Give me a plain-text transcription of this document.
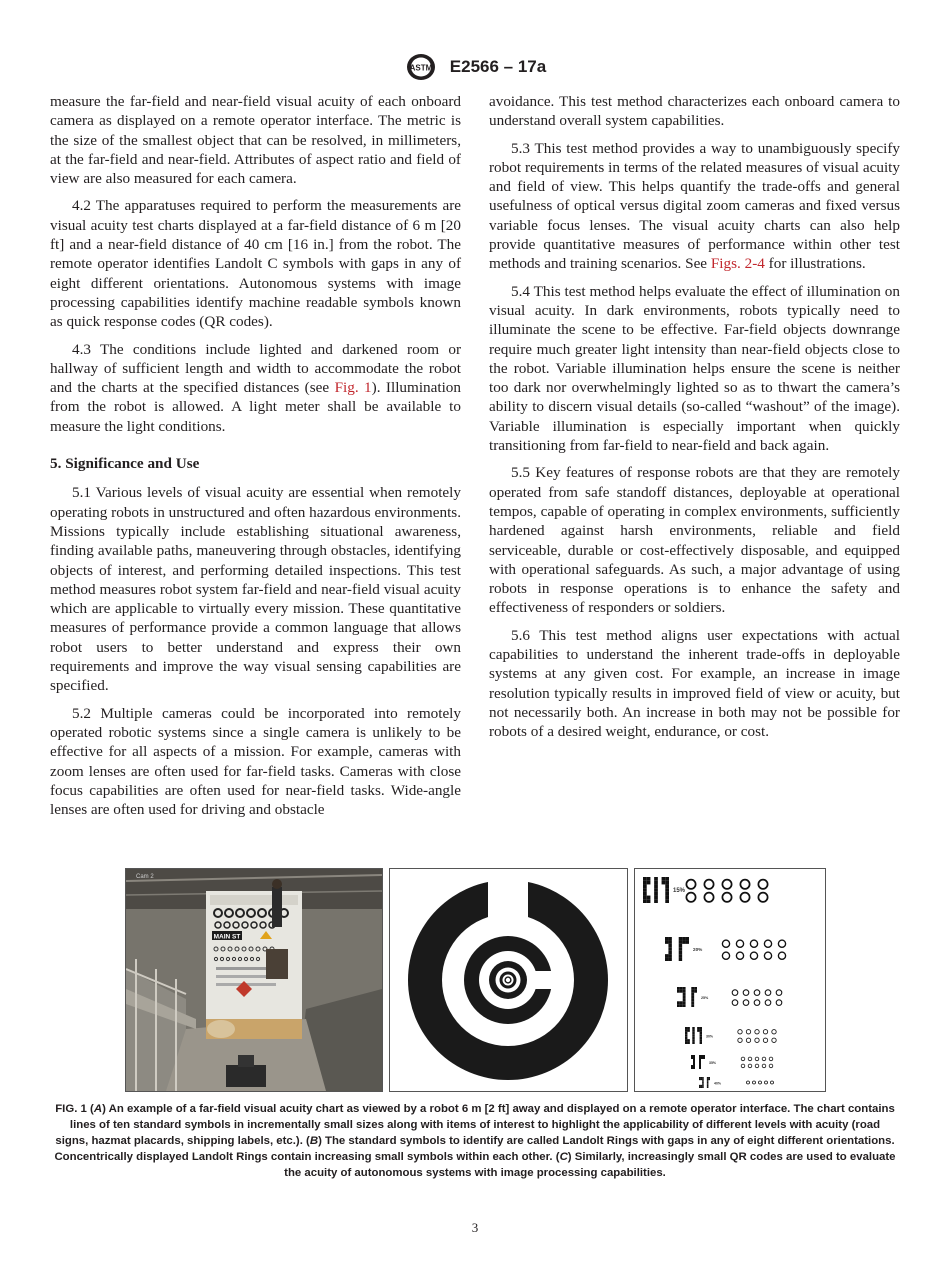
ASTM E2566 – 17a

measure the far-field and near-field visual acuity of each onboard camera as displayed on a remote operator interface. The metric is the size of the smallest object that can be resolved, in millimeters, at the far-field and near-field. Attributes of aspect ratio and field of view are also measured for each camera.

4.2 The apparatuses required to perform the measurements are visual acuity test charts displayed at a far-field distance of 6 m [20 ft] and a near-field distance of 40 cm [16 in.] from the robot. The remote operator identifies Landolt C symbols with gaps in any of eight different orientations. Autonomous systems with image processing capabilities identify machine readable symbols known as quick response codes (QR codes).

4.3 The conditions include lighted and darkened room or hallway of sufficient length and width to accommodate the robot and the charts at the specified distances (see Fig. 1). Illumination from the robot is allowed. A light meter shall be available to measure the light conditions.

5. Significance and Use

5.1 Various levels of visual acuity are essential when remotely operating robots in unstructured and often hazardous environments. Missions typically include establishing situational awareness, finding available paths, maneuvering through obstacles, identifying objects of interest, and performing detailed inspections. This test method measures robot system far-field and near-field visual acuity which are applicable to virtually every mission. These quantitative measures of performance provide a common language that allows robot users to better understand and express their own requirements and improve the way visual sensing capabilities are specified.

5.2 Multiple cameras could be incorporated into remotely operated robotic systems since a single camera is unlikely to be effective for all aspects of a mission. For example, cameras with zoom lenses are often used for far-field tasks. Cameras with close focus capabilities are often used for near-field tasks. Wide-angle lenses are often used for driving and obstacle

avoidance. This test method characterizes each onboard camera to understand overall system capabilities.

5.3 This test method provides a way to unambiguously specify robot requirements in terms of the related measures of visual acuity and field of view. This helps quantify the trade-offs and general usefulness of optical versus digital zoom cameras and fixed versus variable focus lenses. The visual acuity charts can also help provide quantitative measures of performance within other test methods and training scenarios. See Figs. 2-4 for illustrations.

5.4 This test method helps evaluate the effect of illumination on visual acuity. In dark environments, robots typically need to illuminate the scene to be effective. Far-field objects downrange require much greater light intensity than near-field objects close to the robot. Variable illumination helps ensure the scene is neither too dark nor overwhelmingly lighted so as to thwart the camera’s ability to discern visual details (so-called “washout” of the image). Variable illumination is especially important when quickly transitioning from far-field to near-field and back again.

5.5 Key features of response robots are that they are remotely operated from safe standoff distances, deployable at operational tempos, capable of operating in complex environments, sufficiently hardened against harsh environments, reliable and field serviceable, durable or cost-effectively disposable, and equipped with operational safeguards. As such, a major advantage of using robots in response operations is to enhance the safety and effectiveness of responders or soldiers.

5.6 This test method aligns user expectations with actual capabilities to understand the inherent trade-offs in deployable systems at any given cost. For example, an increase in image resolution typically results in improved field of view or acuity, but not necessarily both. An increase in both may not be possible for robots of a desired weight, endurance, or cost.

MAIN ST
Cam 2
15%
20%
25%
30%
35%
40%
FIG. 1 (A) An example of a far-field visual acuity chart as viewed by a robot 6 m [2 ft] away and displayed on a remote operator interface. The chart contains lines of ten standard symbols in incrementally small sizes along with items of interest to highlight the applicability of different levels with acuity (road signs, hazmat placards, shipping labels, etc.). (B) The standard symbols to identify are called Landolt Rings with gaps in any of eight different orientations. Concentrically displayed Landolt Rings contain increasing small symbols within each other. (C) Similarly, increasingly small QR codes are used to evaluate the acuity of autonomous systems with image processing capabilities.
3
